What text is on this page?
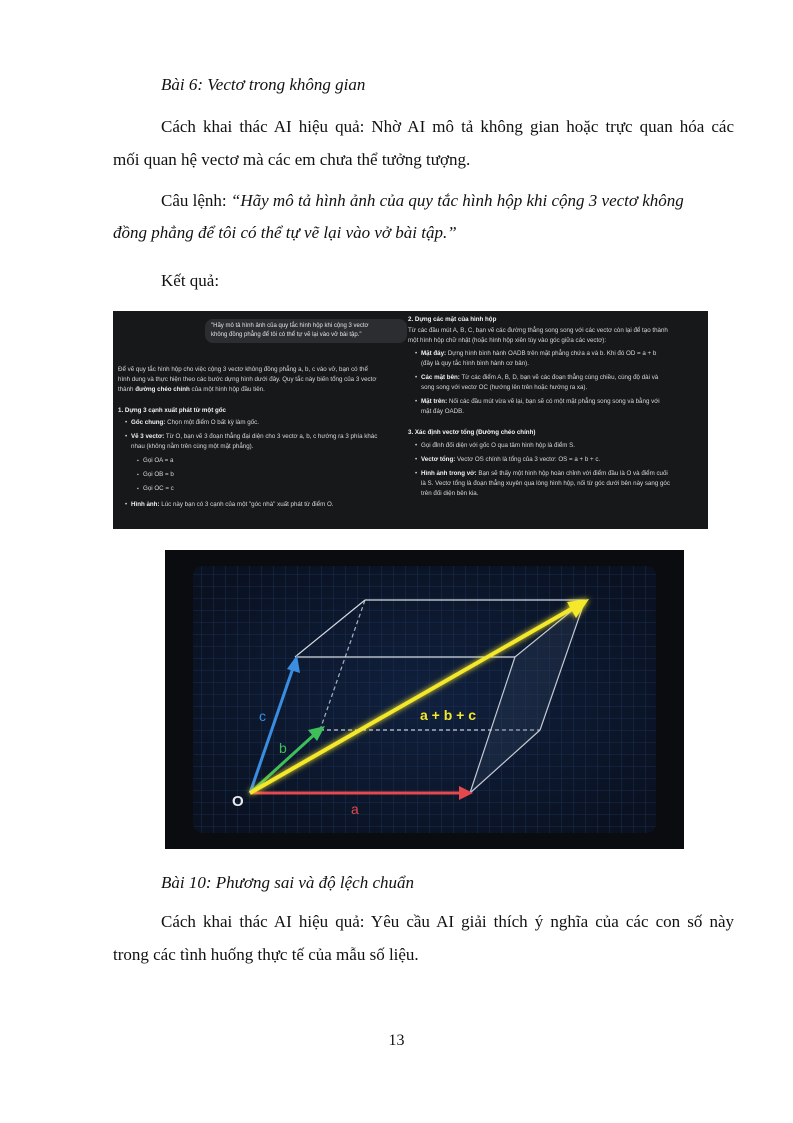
Bài 6: Vectơ trong không gian
Cách khai thác AI hiệu quả: Nhờ AI mô tả không gian hoặc trực quan hóa các
mối quan hệ vectơ mà các em chưa thể tưởng tượng.
Câu lệnh: “Hãy mô tả hình ảnh của quy tắc hình hộp khi cộng 3 vectơ không
đồng phẳng để tôi có thể tự vẽ lại vào vở bài tập.”
Kết quả:
"Hãy mô tả hình ảnh của quy tắc hình hộp khi cộng 3 vectơ
không đồng phẳng để tôi có thể tự vẽ lại vào vở bài tập."
Để vẽ quy tắc hình hộp cho việc cộng 3 vectơ không đồng phẳng a, b, c vào vở, bạn có thể
hình dung và thực hiện theo các bước dựng hình dưới đây. Quy tắc này biến tổng của 3 vectơ
thành đường chéo chính của một hình hộp đầu tiên.
1. Dựng 3 cạnh xuất phát từ một gốc
• Gốc chung: Chọn một điểm O bất kỳ làm gốc.
• Vẽ 3 vectơ: Từ O, bạn vẽ 3 đoạn thẳng đại diện cho 3 vectơ a, b, c hướng ra 3 phía khác
nhau (không nằm trên cùng một mặt phẳng).
▪ Gọi OA = a
▪ Gọi OB = b
▪ Gọi OC = c
• Hình ảnh: Lúc này bạn có 3 cạnh của một "góc nhà" xuất phát từ điểm O.
2. Dựng các mặt của hình hộp
Từ các đầu mút A, B, C, bạn vẽ các đường thẳng song song với các vectơ còn lại để tạo thành
một hình hộp chữ nhật (hoặc hình hộp xiên tùy vào góc giữa các vectơ):
• Mặt đáy: Dựng hình bình hành OADB trên mặt phẳng chứa a và b. Khi đó OD = a + b
(đây là quy tắc hình bình hành cơ bản).
• Các mặt bên: Từ các điểm A, B, D, bạn vẽ các đoạn thẳng cùng chiều, cùng độ dài và
song song với vectơ OC (hướng lên trên hoặc hướng ra xa).
• Mặt trên: Nối các đầu mút vừa vẽ lại, bạn sẽ có một mặt phẳng song song và bằng với
mặt đáy OADB.
3. Xác định vectơ tổng (Đường chéo chính)
• Gọi đỉnh đối diện với gốc O qua tâm hình hộp là điểm S.
• Vectơ tổng: Vectơ OS chính là tổng của 3 vectơ: OS = a + b + c.
• Hình ảnh trong vở: Bạn sẽ thấy một hình hộp hoàn chỉnh với điểm đầu là O và điểm cuối
là S. Vectơ tổng là đoạn thẳng xuyên qua lòng hình hộp, nối từ góc dưới bên này sang góc
trên đối diện bên kia.
O	a
b
c	a + b + c
Bài 10: Phương sai và độ lệch chuẩn
Cách khai thác AI hiệu quả: Yêu cầu AI giải thích ý nghĩa của các con số này
trong các tình huống thực tế của mẫu số liệu.
13
